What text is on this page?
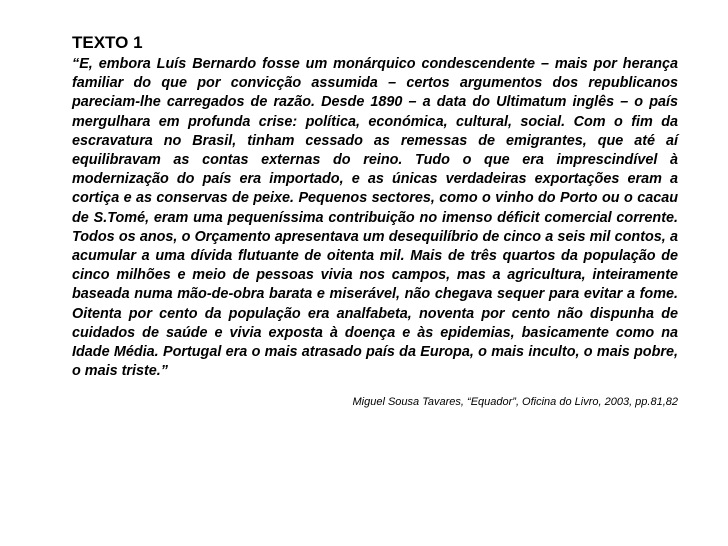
TEXTO 1

“E, embora Luís Bernardo fosse um monárquico condescendente – mais por herança familiar do que por convicção assumida – certos argumentos dos republicanos pareciam-lhe carregados de razão. Desde 1890 – a data do Ultimatum inglês – o país mergulhara em profunda crise: política, económica, cultural, social. Com o fim da escravatura no Brasil, tinham cessado as remessas de emigrantes, que até aí equilibravam as contas externas do reino. Tudo o que era imprescindível à modernização do país era importado, e as únicas verdadeiras exportações eram a cortiça e as conservas de peixe. Pequenos sectores, como o vinho do Porto ou o cacau de S.Tomé, eram uma pequeníssima contribuição no imenso déficit comercial corrente. Todos os anos, o Orçamento apresentava um desequilíbrio de cinco a seis mil contos, a acumular a uma dívida flutuante de oitenta mil. Mais de três quartos da população de cinco milhões e meio de pessoas vivia nos campos, mas a agricultura, inteiramente baseada numa mão-de-obra barata e miserável, não chegava sequer para evitar a fome. Oitenta por cento da população era analfabeta, noventa por cento não dispunha de cuidados de saúde e vivia exposta à doença e às epidemias, basicamente como na Idade Média. Portugal era o mais atrasado país da Europa, o mais inculto, o mais pobre, o mais triste.”

Miguel Sousa Tavares, “Equador”, Oficina do Livro, 2003, pp.81,82
